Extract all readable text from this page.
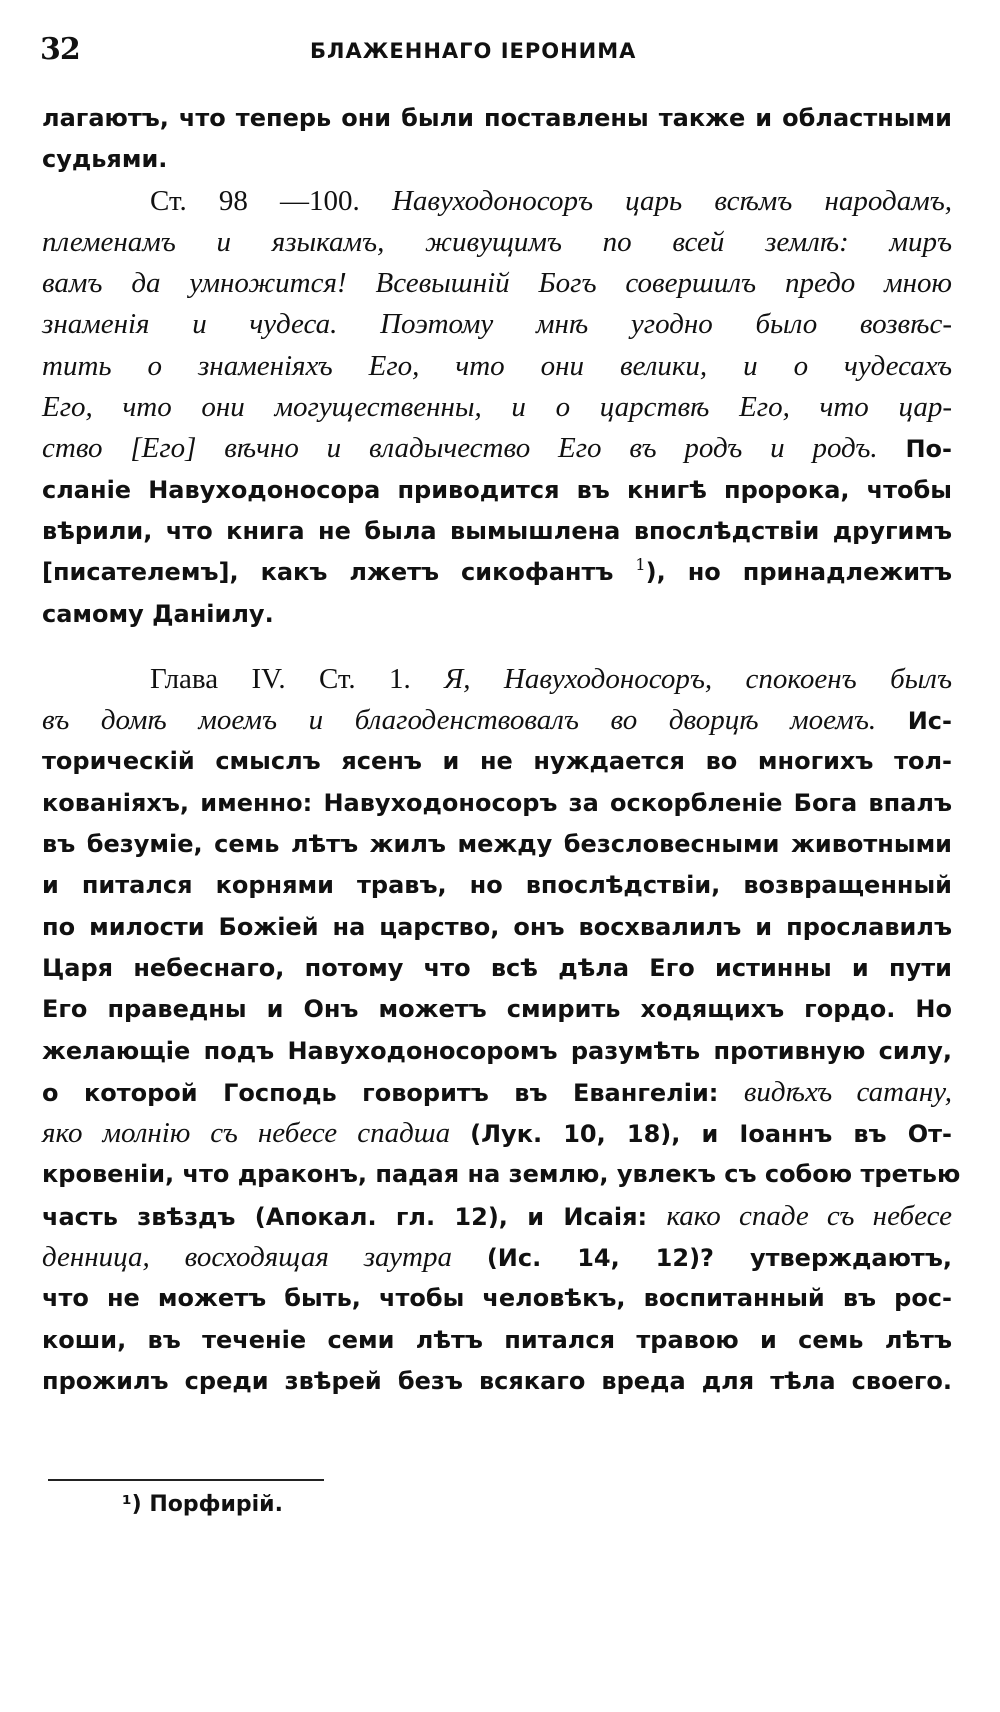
32	БЛАЖЕННАГО ІЕРОНИМА
лагаютъ, что теперь они были поставлены также и областными
судьями.
Ст. 98 —100. Навуходоносоръ царь всѣмъ народамъ,
племенамъ и языкамъ, живущимъ по всей землѣ: миръ
вамъ да умножится! Всевышній Богъ совершилъ предо мною
знаменія и чудеса. Поэтому мнѣ угодно было возвѣс-
тить о знаменіяхъ Его, что они велики, и о чудесахъ
Его, что они могущественны, и о царствѣ Его, что цар-
ство [Его] вѣчно и владычество Его въ родъ и родъ. По-
сланіе Навуходоносора приводится въ книгѣ пророка, чтобы
вѣрили, что книга не была вымышлена впослѣдствіи другимъ
[писателемъ], какъ лжетъ сикофантъ $^1$), но принадлежитъ
самому Даніилу.
Глава IV. Ст. 1. Я, Навуходоносоръ, спокоенъ былъ
въ домѣ моемъ и благоденствовалъ во дворцѣ моемъ. Ис-
торическій смыслъ ясенъ и не нуждается во многихъ тол-
кованіяхъ, именно: Навуходоносоръ за оскорбленіе Бога впалъ
въ безуміе, семь лѣтъ жилъ между безсловесными животными
и питался корнями травъ, но впослѣдствіи, возвращенный
по милости Божіей на царство, онъ восхвалилъ и прославилъ
Царя небеснаго, потому что всѣ дѣла Его истинны и пути
Его праведны и Онъ можетъ смирить ходящихъ гордо. Но
желающіе подъ Навуходоносоромъ разумѣть противную силу,
о которой Господь говоритъ въ Евангеліи: видѣхъ сатану,
яко молнію съ небесе спадша (Лук. 10, 18), и Іоаннъ въ От-
кровеніи, что драконъ, падая на землю, увлекъ съ собою третью
часть звѣздъ (Апокал. гл. 12), и Исаія: како спаде съ небесе
денница, восходящая заутра (Ис. 14, 12)? утверждаютъ,
что не можетъ быть, чтобы человѣкъ, воспитанный въ рос-
коши, въ теченіе семи лѣтъ питался травою и семь лѣтъ
прожилъ среди звѣрей безъ всякаго вреда для тѣла своего.
¹) Порфирій.
